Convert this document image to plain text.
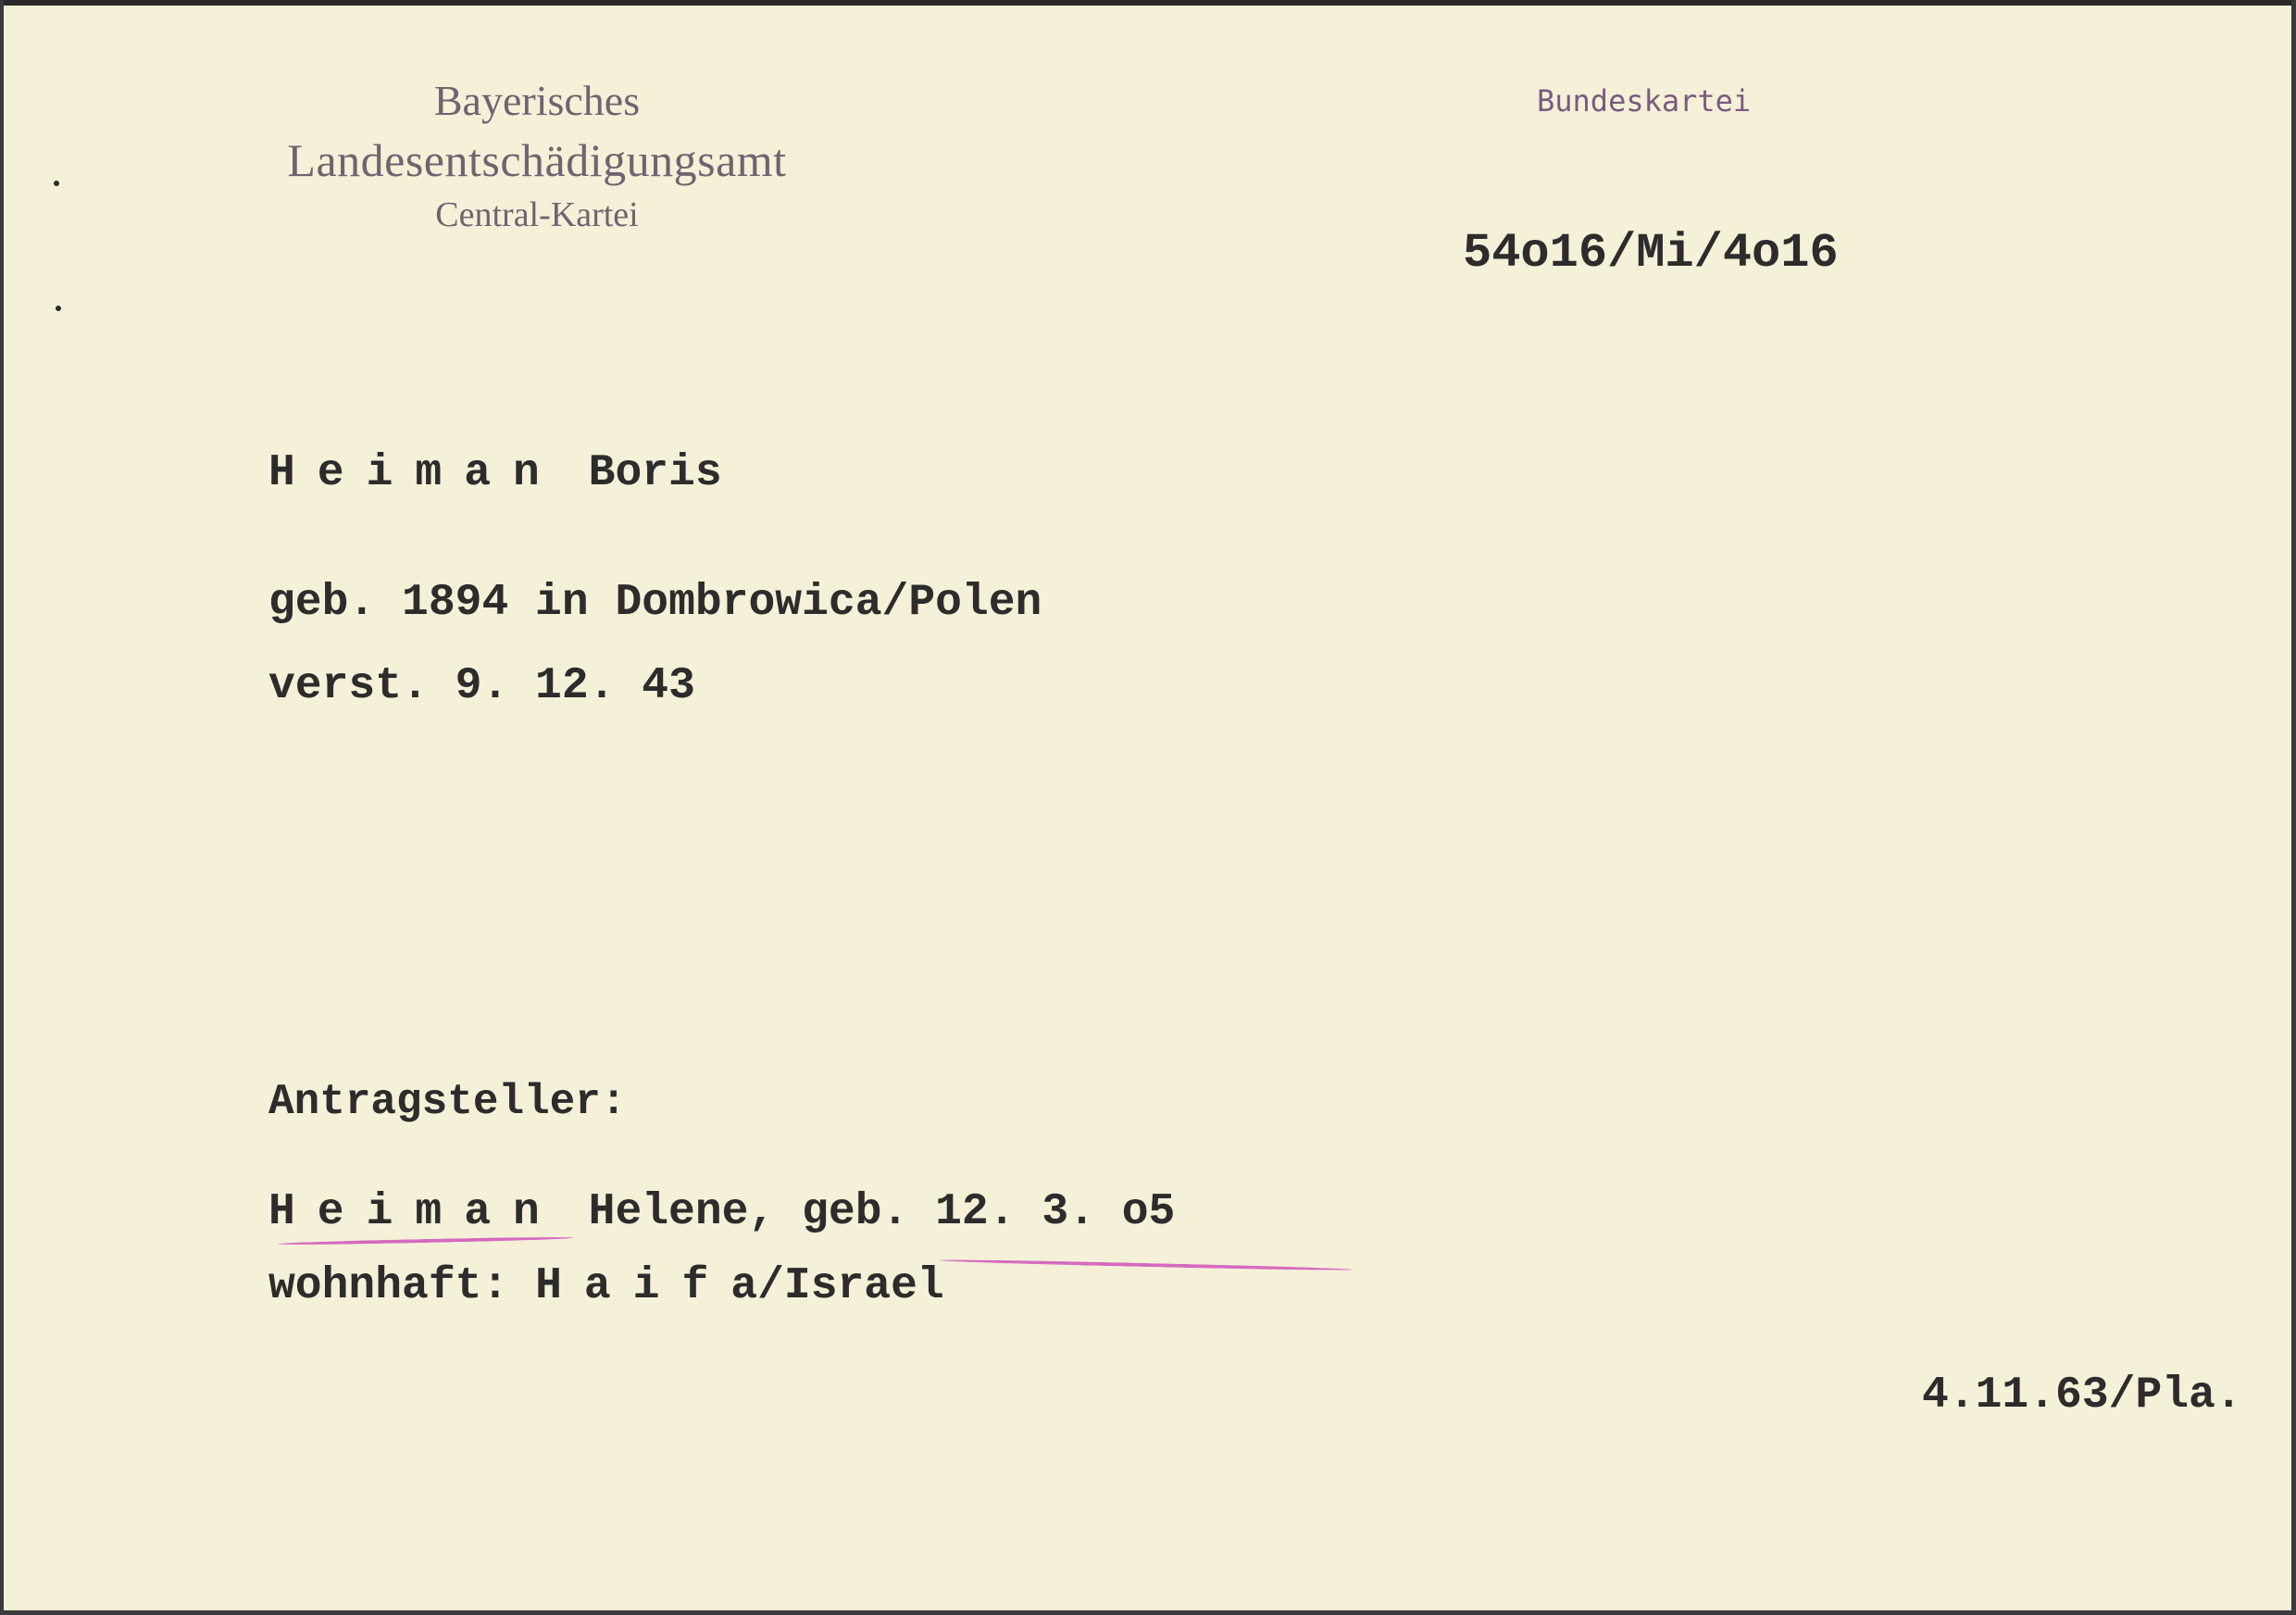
Bayerisches
Landesentschädigungsamt
Central-Kartei
Bundeskartei
54o16/Mi/4o16
Heiman Boris
geb. 1894 in Dombrowica/Polen
verst. 9. 12. 43
Antragsteller:
Heiman Helene, geb. 12. 3. o5
wohnhaft: Haifa/Israel
4.11.63/Pla.
